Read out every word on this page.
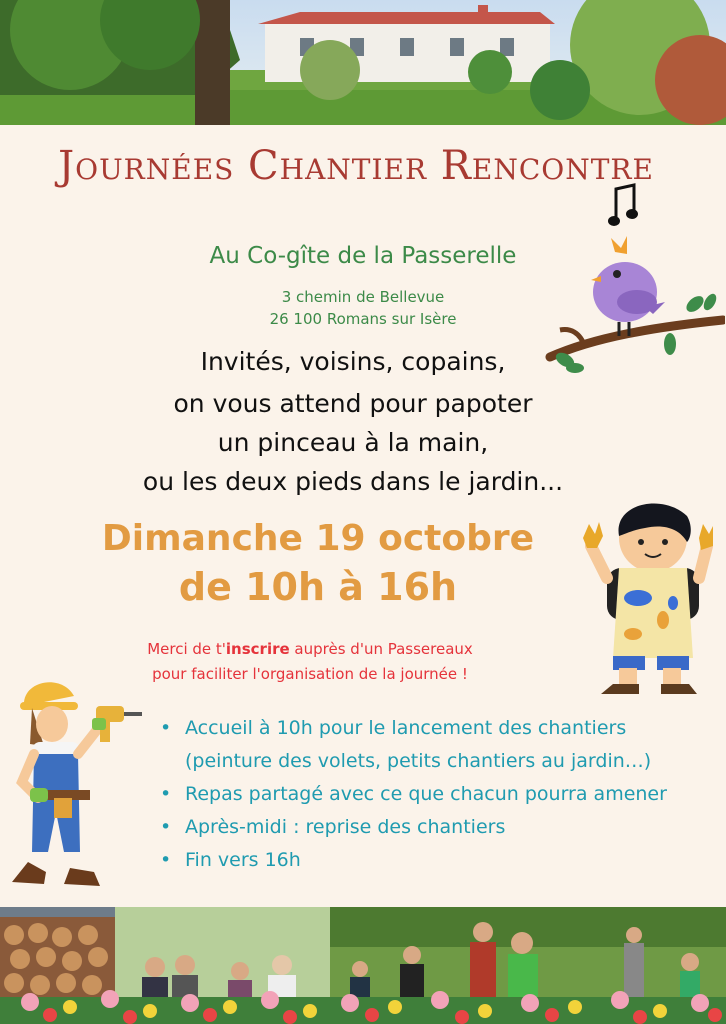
Journées Chantier Rencontre
Au Co-gîte de la Passerelle
3 chemin de Bellevue
26 100 Romans sur Isère
Invités, voisins, copains,
on vous attend pour papoter
un pinceau à la main,
ou les deux pieds dans le jardin...
Dimanche 19 octobre
de 10h à 16h
Merci de t'inscrire auprès d'un Passereaux
pour faciliter l'organisation de la journée !
• Accueil à 10h pour le lancement des chantiers
(peinture des volets, petits chantiers au jardin…)
• Repas partagé avec ce que chacun pourra amener
• Après-midi : reprise des chantiers
• Fin vers 16h
